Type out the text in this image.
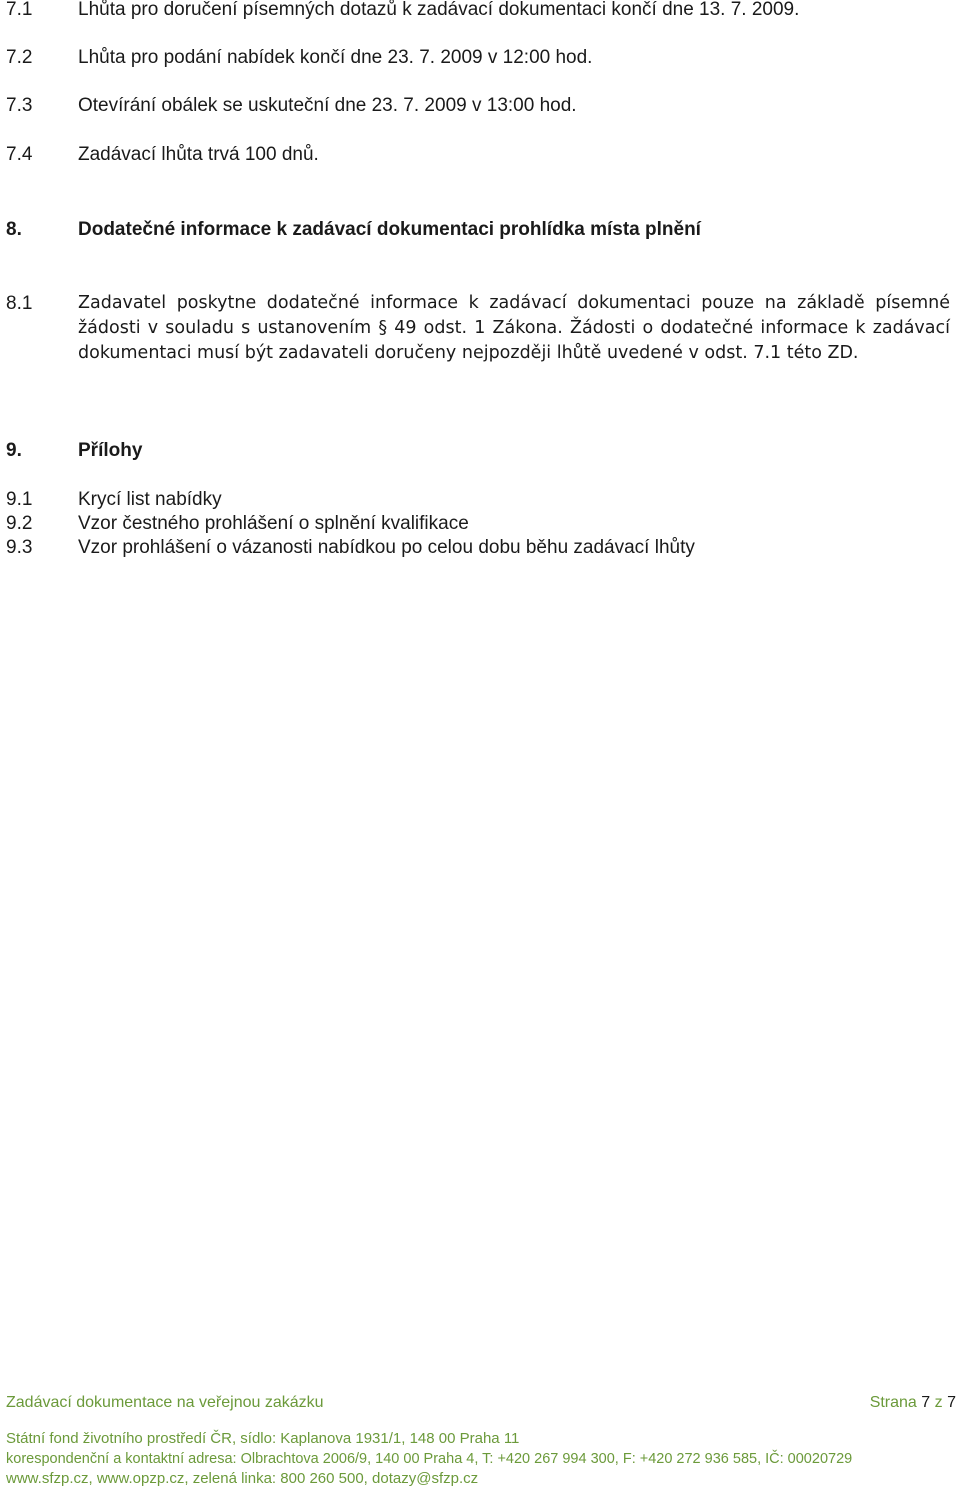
7.1 Lhůta pro doručení písemných dotazů k zadávací dokumentaci končí dne 13. 7. 2009.
7.2 Lhůta pro podání nabídek končí dne 23. 7. 2009 v 12:00 hod.
7.3 Otevírání obálek se uskuteční dne 23. 7. 2009 v 13:00 hod.
7.4 Zadávací lhůta trvá 100 dnů.
8.	Dodatečné informace k zadávací dokumentaci prohlídka místa plnění
8.1	Zadavatel poskytne dodatečné informace k zadávací dokumentaci pouze na základě písemné žádosti v souladu s ustanovením § 49 odst. 1 Zákona. Žádosti o dodatečné informace k zadávací dokumentaci musí být zadavateli doručeny nejpozději lhůtě uvedené v odst. 7.1 této ZD.
9.	Přílohy
9.1 Krycí list nabídky
9.2 Vzor čestného prohlášení o splnění kvalifikace
9.3 Vzor prohlášení o vázanosti nabídkou po celou dobu běhu zadávací lhůty
Zadávací dokumentace na veřejnou zakázku	Strana 7 z 7
Státní fond životního prostředí ČR, sídlo: Kaplanova 1931/1, 148 00 Praha 11
korespondenční a kontaktní adresa: Olbrachtova 2006/9, 140 00 Praha 4, T: +420 267 994 300, F: +420 272 936 585, IČ: 00020729
www.sfzp.cz, www.opzp.cz, zelená linka: 800 260 500, dotazy@sfzp.cz
